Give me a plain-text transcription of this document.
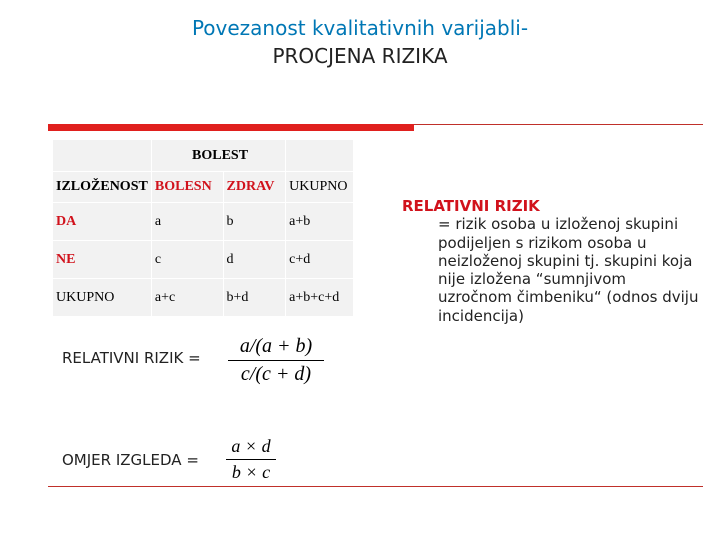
Povezanost kvalitativnih varijabli-
PROCJENA RIZIKA
	BOLEST		
IZLOŽENOST	BOLESN	ZDRAV	UKUPNO
DA	a	b	a+b
NE	c	d	c+d
UKUPNO	a+c	b+d	a+b+c+d
RELATIVNI RIZIK =
a/(a + b)
c/(c + d)
OMJER IZGLEDA =
a × d
b × c
RELATIVNI RIZIK
= rizik osoba u izloženoj skupini podijeljen s rizikom osoba u neizloženoj skupini tj. skupini koja nije izložena “sumnjivom uzročnom čimbeniku“ (odnos dviju incidencija)
